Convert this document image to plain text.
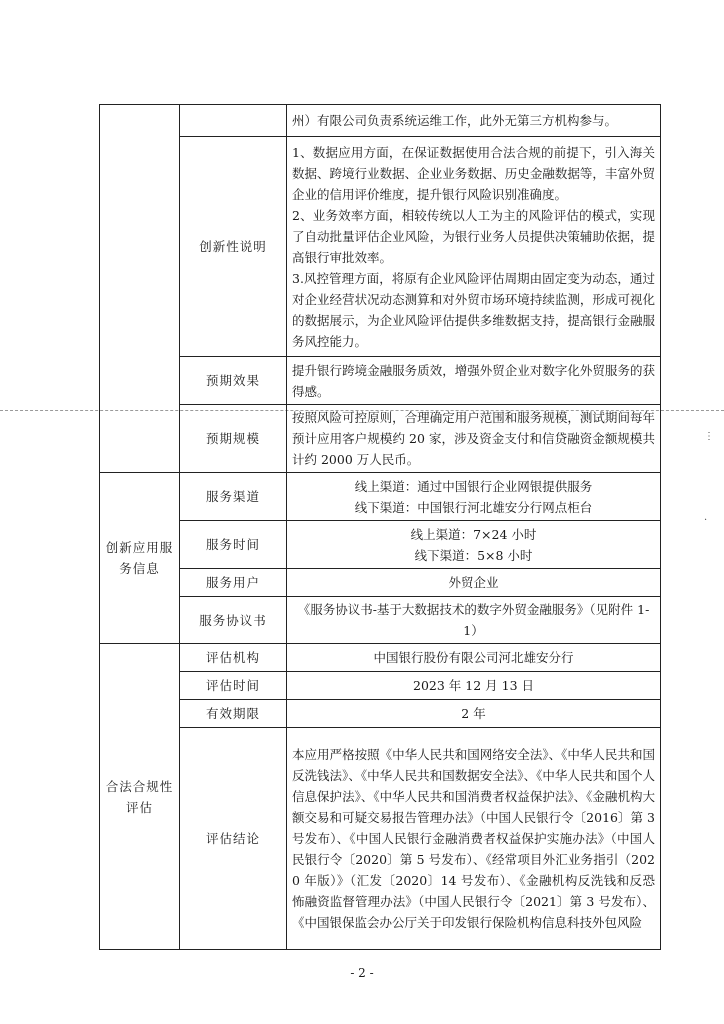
		州）有限公司负责系统运维工作，此外无第三方机构参与。
	创新性说明	1、数据应用方面，在保证数据使用合法合规的前提下，引入海关数据、跨境行业数据、企业业务数据、历史金融数据等，丰富外贸企业的信用评价维度，提升银行风险识别准确度。
2、业务效率方面，相较传统以人工为主的风险评估的模式，实现了自动批量评估企业风险，为银行业务人员提供决策辅助依据，提高银行审批效率。
3.风控管理方面，将原有企业风险评估周期由固定变为动态，通过对企业经营状况动态测算和对外贸市场环境持续监测，形成可视化的数据展示，为企业风险评估提供多维数据支持，提高银行金融服务风控能力。

	预期效果	提升银行跨境金融服务质效，增强外贸企业对数字化外贸服务的获得感。
	预期规模	按照风险可控原则，合理确定用户范围和服务规模，测试期间每年预计应用客户规模约 20 家，涉及资金支付和信贷融资金额规模共计约 2000 万人民币。
创新应用服务信息	服务渠道	线上渠道：通过中国银行企业网银提供服务
线下渠道：中国银行河北雄安分行网点柜台

	服务时间	线上渠道：7×24 小时
线下渠道：5×8 小时

	服务用户	外贸企业
	服务协议书	《服务协议书-基于大数据技术的数字外贸金融服务》（见附件 1-1）
合法合规性评估	评估机构	中国银行股份有限公司河北雄安分行
	评估时间	2023 年 12 月 13 日
	有效期限	2 年
	评估结论	本应用严格按照《中华人民共和国网络安全法》、《中华人民共和国反洗钱法》、《中华人民共和国数据安全法》、《中华人民共和国个人信息保护法》、《中华人民共和国消费者权益保护法》、《金融机构大额交易和可疑交易报告管理办法》（中国人民银行令〔2016〕第 3 号发布）、《中国人民银行金融消费者权益保护实施办法》（中国人民银行令〔2020〕第 5 号发布）、《经常项目外汇业务指引（2020 年版）》（汇发〔2020〕14 号发布）、《金融机构反洗钱和反恐怖融资监督管理办法》（中国人民银行令〔2021〕第 3 号发布）、《中国银保监会办公厅关于印发银行保险机构信息科技外包风险
- 2 -
⋮
·
